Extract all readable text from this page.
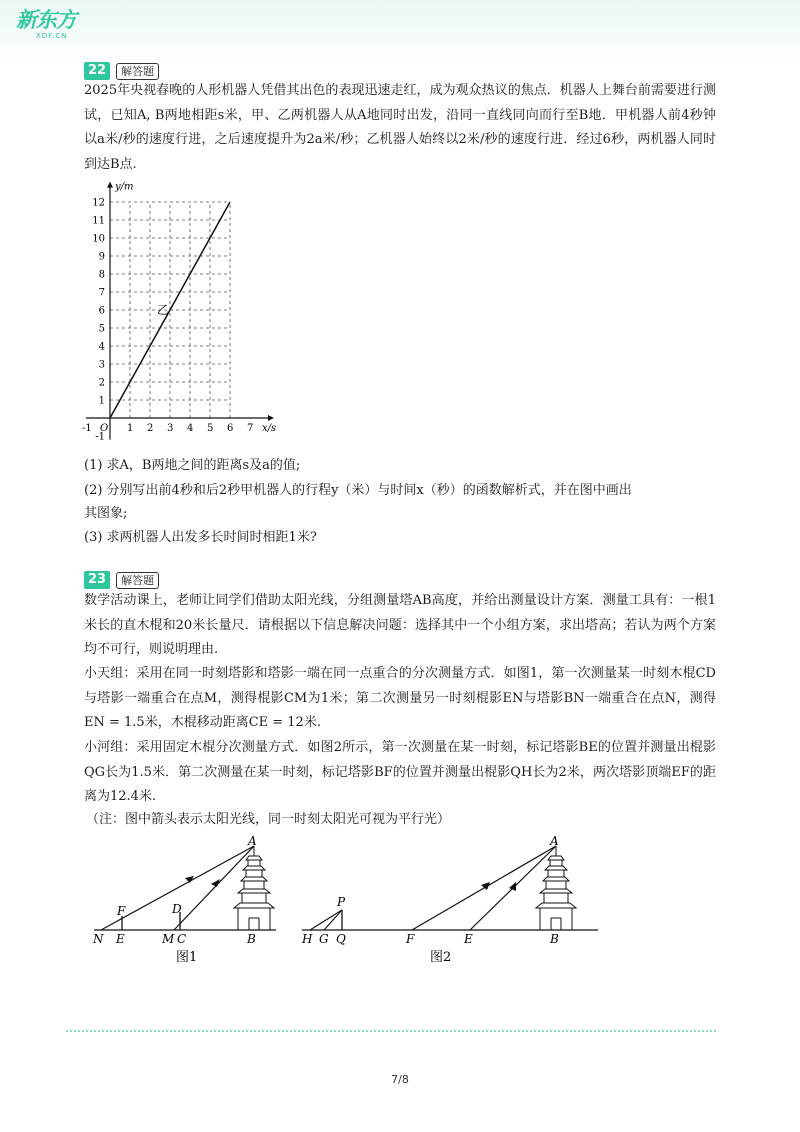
新东方
XDF.CN
22	解答题

2025年央视春晚的人形机器人凭借其出色的表现迅速走红，成为观众热议的焦点．机器人上舞台前需要进行测试，已知A, B两地相距s米，甲、乙两机器人从A地同时出发，沿同一直线同向而行至B地．甲机器人前4秒钟以a米/秒的速度行进，之后速度提升为2a米/秒；乙机器人始终以2米/秒的速度行进．经过6秒，两机器人同时到达B点.

-1	1 2 3 4 5 6 7
-1
1
2
3
4
5
6
7
8
9
10
11
12
O	x/s
y/m
乙
(1) 求A，B两地之间的距离s及a的值;
(2) 分别写出前4秒和后2秒甲机器人的行程y（米）与时间x（秒）的函数解析式，并在图中画出
其图象;
(3) 求两机器人出发多长时间时相距1米?
23	解答题

数学活动课上，老师让同学们借助太阳光线，分组测量塔AB高度，并给出测量设计方案．测量工具有：一根1米长的直木棍和20米长量尺．请根据以下信息解决问题：选择其中一个小组方案，求出塔高；若认为两个方案均不可行，则说明理由.

小天组：采用在同一时刻塔影和塔影一端在同一点重合的分次测量方式．如图1，第一次测量某一时刻木棍CD与塔影一端重合在点M，测得棍影CM为1米；第二次测量另一时刻棍影EN与塔影BN一端重合在点N，测得EN = 1.5米，木棍移动距离CE = 12米.

小河组：采用固定木棍分次测量方式．如图2所示，第一次测量在某一时刻，标记塔影BE的位置并测量出棍影QG长为1.5米．第二次测量在某一时刻，标记塔影BF的位置并测量出棍影QH长为2米，两次塔影顶端EF的距离为12.4米.

（注：图中箭头表示太阳光线，同一时刻太阳光可视为平行光）
A
F	D
N E	M C	B
图1
A
P
H G Q	F	E	B
图2
7/8
